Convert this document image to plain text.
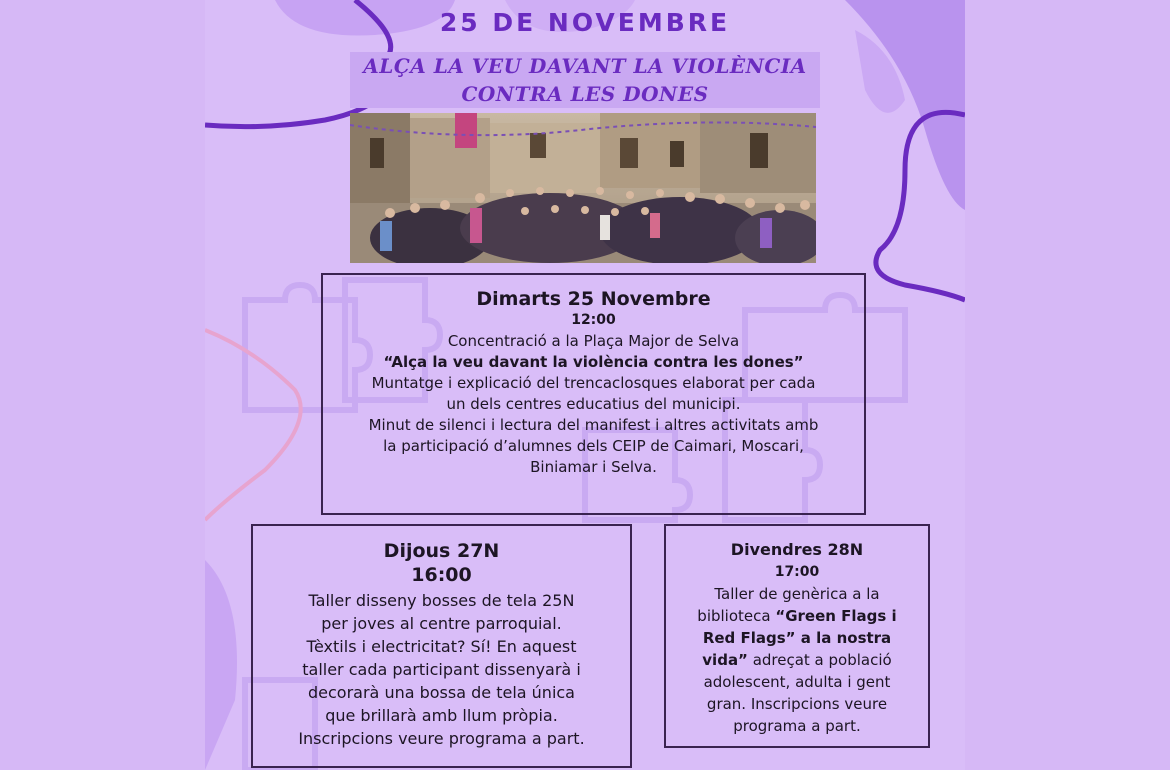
25 DE NOVEMBRE
ALÇA LA VEU DAVANT LA VIOLÈNCIA
CONTRA LES DONES
Dimarts 25 Novembre
12:00
Concentració a la Plaça Major de Selva
“Alça la veu davant la violència contra les dones”
Muntatge i explicació del trencaclosques elaborat per cada
un dels centres educatius del municipi.
Minut de silenci i lectura del manifest i altres activitats amb
la participació d’alumnes dels CEIP de Caimari, Moscari,
Biniamar i Selva.
Dijous 27N
16:00
Taller disseny bosses de tela 25N
per joves al centre parroquial.
Tèxtils i electricitat? Sí! En aquest
taller cada participant dissenyarà i
decorarà una bossa de tela única
que brillarà amb llum pròpia.
Inscripcions veure programa a part.
Divendres 28N
17:00
Taller de genèrica a la
biblioteca “Green Flags i
Red Flags” a la nostra
vida” adreçat a població
adolescent, adulta i gent
gran. Inscripcions veure
programa a part.
